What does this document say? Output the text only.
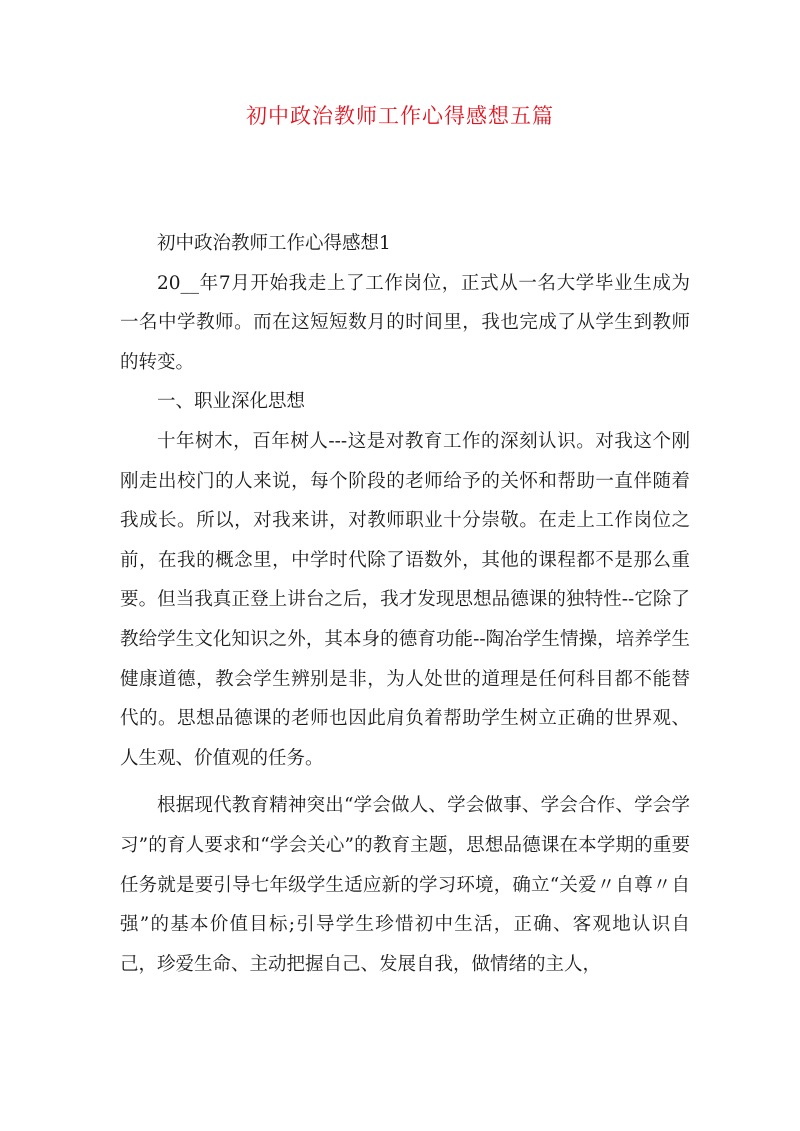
初中政治教师工作心得感想五篇

初中政治教师工作心得感想1

20__年7月开始我走上了工作岗位，正式从一名大学毕业生成为一名中学教师。而在这短短数月的时间里，我也完成了从学生到教师的转变。

一、职业深化思想

十年树木，百年树人---这是对教育工作的深刻认识。对我这个刚刚走出校门的人来说，每个阶段的老师给予的关怀和帮助一直伴随着我成长。所以，对我来讲，对教师职业十分崇敬。在走上工作岗位之前，在我的概念里，中学时代除了语数外，其他的课程都不是那么重要。但当我真正登上讲台之后，我才发现思想品德课的独特性--它除了教给学生文化知识之外，其本身的德育功能--陶冶学生情操，培养学生健康道德，教会学生辨别是非，为人处世的道理是任何科目都不能替代的。思想品德课的老师也因此肩负着帮助学生树立正确的世界观、人生观、价值观的任务。

根据现代教育精神突出“学会做人、学会做事、学会合作、学会学习”的育人要求和“学会关心”的教育主题，思想品德课在本学期的重要任务就是要引导七年级学生适应新的学习环境，确立“关爱〃自尊〃自强”的基本价值目标;引导学生珍惜初中生活，正确、客观地认识自己，珍爱生命、主动把握自己、发展自我，做情绪的主人，
